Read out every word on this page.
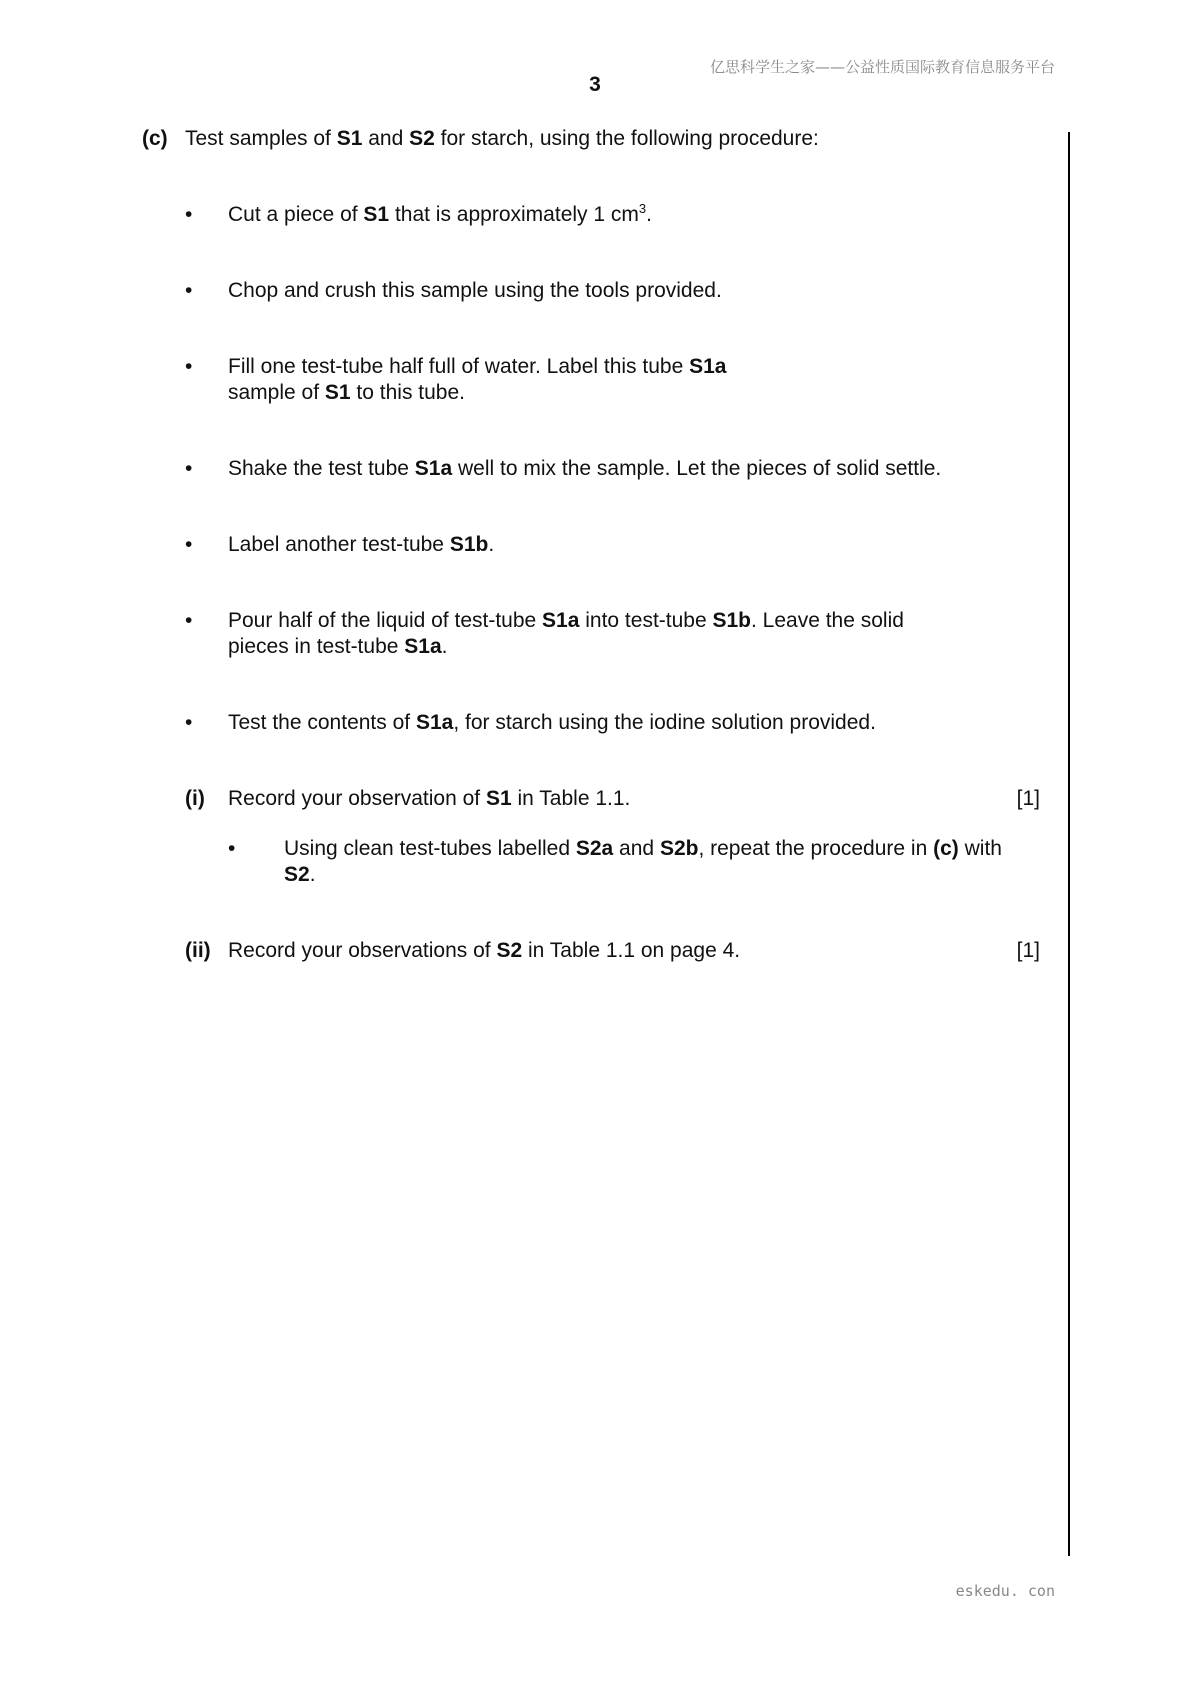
亿思科学生之家——公益性质国际教育信息服务平台
3
(c) Test samples of S1 and S2 for starch, using the following procedure:
• Cut a piece of S1 that is approximately 1 $cm^3$.
• Chop and crush this sample using the tools provided.
• Fill one test-tube half full of water. Label this tube S1a
sample of S1 to this tube.
• Shake the test tube S1a well to mix the sample. Let the pieces of solid settle.
• Label another test-tube S1b.
• Pour half of the liquid of test-tube S1a into test-tube S1b. Leave the solid
pieces in test-tube S1a.
• Test the contents of S1a, for starch using the iodine solution provided.
(i) Record your observation of S1 in Table 1.1.	[1]
• Using clean test-tubes labelled S2a and S2b, repeat the procedure in (c) with
S2.
(ii) Record your observations of S2 in Table 1.1 on page 4.	[1]
eskedu. con
